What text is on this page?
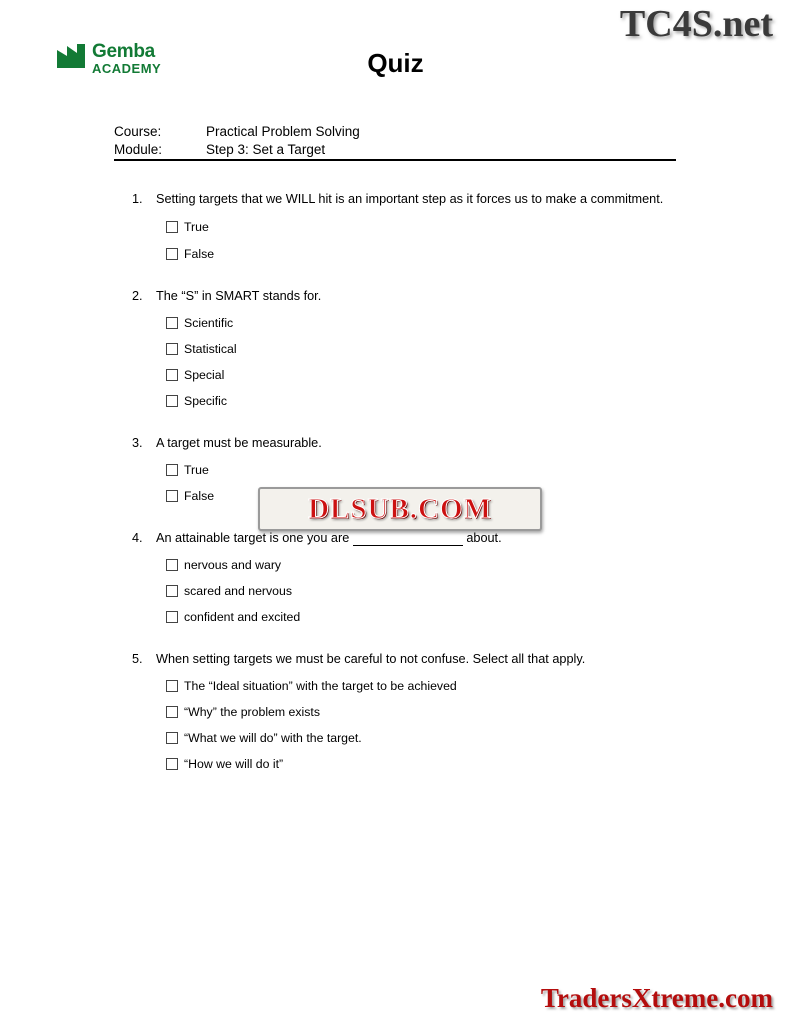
TC4S.net
Gemba
ACADEMY	Quiz
Course:	Practical Problem Solving
Module:	Step 3: Set a Target
1.	Setting targets that we WILL hit is an important step as it forces us to make a commitment.
True
False
2.	The “S” in SMART stands for.
Scientific
Statistical
Special
Specific
3.	A target must be measurable.
True
False
4.	An attainable target is one you are	about.
nervous and wary
scared and nervous
confident and excited
5.	When setting targets we must be careful to not confuse. Select all that apply.
The “Ideal situation” with the target to be achieved
“Why” the problem exists
“What we will do” with the target.
“How we will do it”
DLSUB.COM
TradersXtreme.com
